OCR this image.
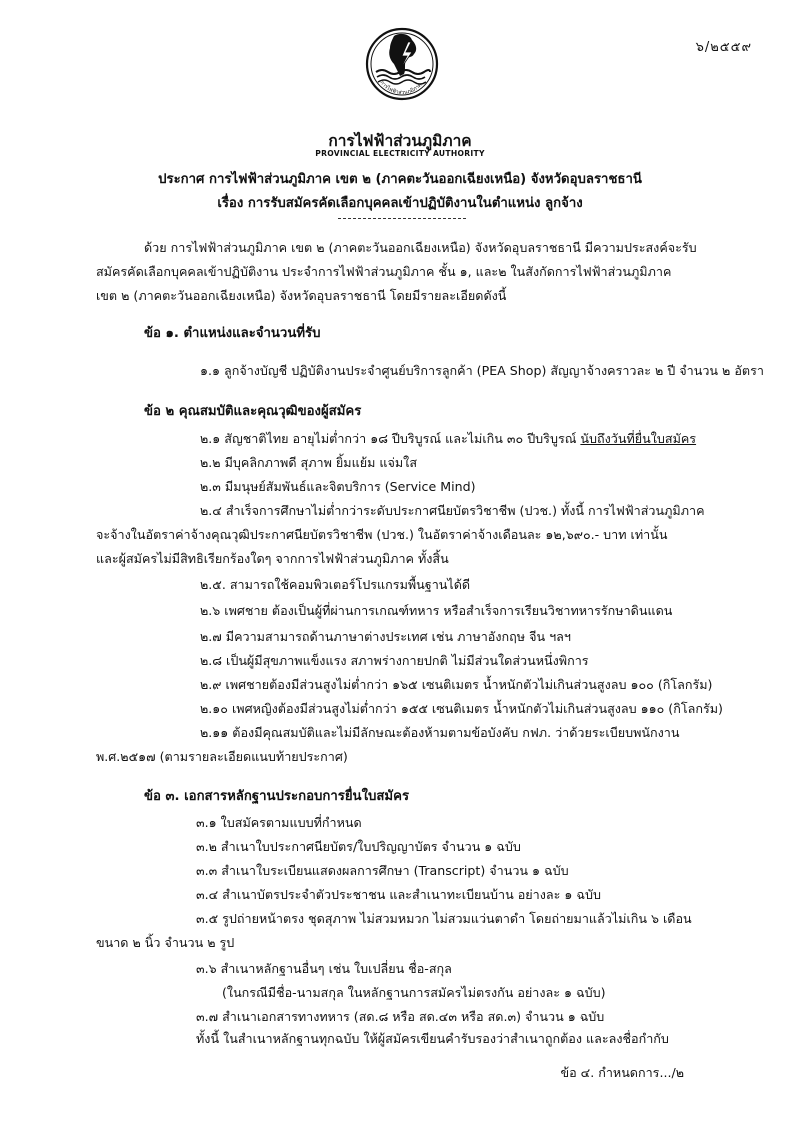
๖/๒๕๕๙
การไฟฟ้าส่วนภูมิภาค
การไฟฟ้าส่วนภูมิภาค
PROVINCIAL ELECTRICITY AUTHORITY
ประกาศ การไฟฟ้าส่วนภูมิภาค เขต ๒ (ภาคตะวันออกเฉียงเหนือ) จังหวัดอุบลราชธานี
เรื่อง การรับสมัครคัดเลือกบุคคลเข้าปฏิบัติงานในตำแหน่ง ลูกจ้าง
ด้วย การไฟฟ้าส่วนภูมิภาค เขต ๒ (ภาคตะวันออกเฉียงเหนือ) จังหวัดอุบลราชธานี มีความประสงค์จะรับ
สมัครคัดเลือกบุคคลเข้าปฏิบัติงาน ประจำการไฟฟ้าส่วนภูมิภาค ชั้น ๑, และ๒ ในสังกัดการไฟฟ้าส่วนภูมิภาค
เขต ๒ (ภาคตะวันออกเฉียงเหนือ) จังหวัดอุบลราชธานี โดยมีรายละเอียดดังนี้
ข้อ ๑. ตำแหน่งและจำนวนที่รับ
๑.๑ ลูกจ้างบัญชี ปฏิบัติงานประจำศูนย์บริการลูกค้า (PEA Shop) สัญญาจ้างคราวละ ๒ ปี จำนวน ๒ อัตรา
ข้อ ๒ คุณสมบัติและคุณวุฒิของผู้สมัคร
๒.๑ สัญชาติไทย อายุไม่ต่ำกว่า ๑๘ ปีบริบูรณ์ และไม่เกิน ๓๐ ปีบริบูรณ์ นับถึงวันที่ยื่นใบสมัคร
๒.๒ มีบุคลิกภาพดี สุภาพ ยิ้มแย้ม แจ่มใส
๒.๓ มีมนุษย์สัมพันธ์และจิตบริการ (Service Mind)
๒.๔ สำเร็จการศึกษาไม่ต่ำกว่าระดับประกาศนียบัตรวิชาชีพ (ปวช.) ทั้งนี้ การไฟฟ้าส่วนภูมิภาค
จะจ้างในอัตราค่าจ้างคุณวุฒิประกาศนียบัตรวิชาชีพ (ปวช.) ในอัตราค่าจ้างเดือนละ ๑๒,๖๙๐.- บาท เท่านั้น
และผู้สมัครไม่มีสิทธิเรียกร้องใดๆ จากการไฟฟ้าส่วนภูมิภาค ทั้งสิ้น
๒.๕. สามารถใช้คอมพิวเตอร์โปรแกรมพื้นฐานได้ดี
๒.๖ เพศชาย ต้องเป็นผู้ที่ผ่านการเกณฑ์ทหาร หรือสำเร็จการเรียนวิชาทหารรักษาดินแดน
๒.๗ มีความสามารถด้านภาษาต่างประเทศ เช่น ภาษาอังกฤษ จีน ฯลฯ
๒.๘ เป็นผู้มีสุขภาพแข็งแรง สภาพร่างกายปกติ ไม่มีส่วนใดส่วนหนึ่งพิการ
๒.๙ เพศชายต้องมีส่วนสูงไม่ต่ำกว่า ๑๖๕ เซนติเมตร น้ำหนักตัวไม่เกินส่วนสูงลบ ๑๐๐ (กิโลกรัม)
๒.๑๐ เพศหญิงต้องมีส่วนสูงไม่ต่ำกว่า ๑๕๕ เซนติเมตร น้ำหนักตัวไม่เกินส่วนสูงลบ ๑๑๐ (กิโลกรัม)
๒.๑๑ ต้องมีคุณสมบัติและไม่มีลักษณะต้องห้ามตามข้อบังคับ กฟภ. ว่าด้วยระเบียบพนักงาน
พ.ศ.๒๕๑๗ (ตามรายละเอียดแนบท้ายประกาศ)
ข้อ ๓. เอกสารหลักฐานประกอบการยื่นใบสมัคร
๓.๑ ใบสมัครตามแบบที่กำหนด
๓.๒ สำเนาใบประกาศนียบัตร/ใบปริญญาบัตร จำนวน ๑ ฉบับ
๓.๓ สำเนาใบระเบียนแสดงผลการศึกษา (Transcript) จำนวน ๑ ฉบับ
๓.๔ สำเนาบัตรประจำตัวประชาชน และสำเนาทะเบียนบ้าน อย่างละ ๑ ฉบับ
๓.๕ รูปถ่ายหน้าตรง ชุดสุภาพ ไม่สวมหมวก ไม่สวมแว่นตาดำ โดยถ่ายมาแล้วไม่เกิน ๖ เดือน
ขนาด ๒ นิ้ว จำนวน ๒ รูป
๓.๖ สำเนาหลักฐานอื่นๆ เช่น ใบเปลี่ยน ชื่อ-สกุล
(ในกรณีมีชื่อ-นามสกุล ในหลักฐานการสมัครไม่ตรงกัน อย่างละ ๑ ฉบับ)
๓.๗ สำเนาเอกสารทางทหาร (สด.๘ หรือ สด.๔๓ หรือ สด.๓) จำนวน ๑ ฉบับ
ทั้งนี้ ในสำเนาหลักฐานทุกฉบับ ให้ผู้สมัครเขียนคำรับรองว่าสำเนาถูกต้อง และลงชื่อกำกับ
ข้อ ๔. กำหนดการ.../๒
